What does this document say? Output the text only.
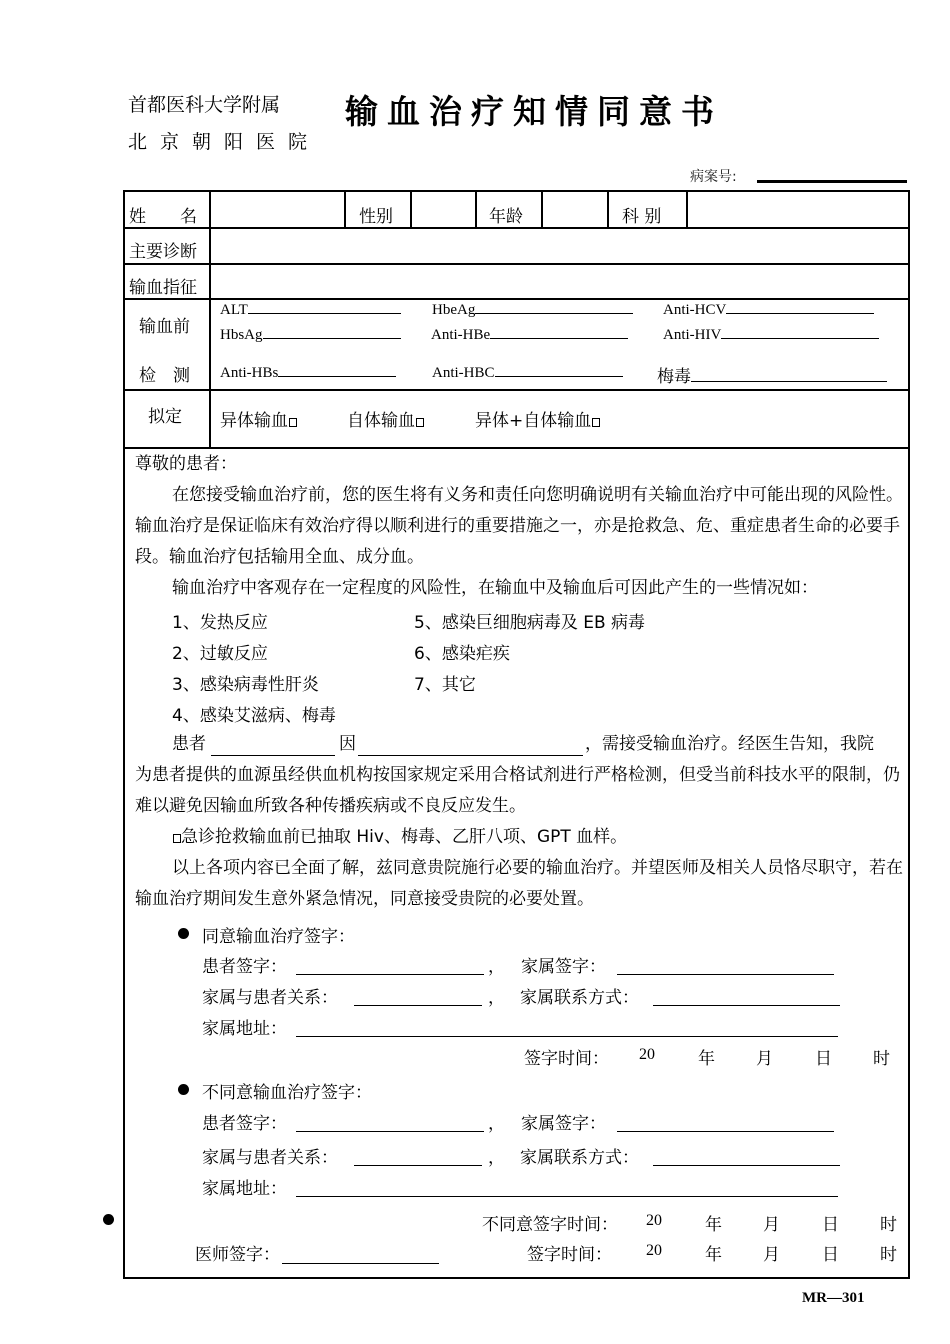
首都医科大学附属
北京朝阳医院
输血治疗知情同意书
病案号:
姓　　名	性别	年龄	科 别
主要诊断
输血指征
输血前
检　测
ALT	HbeAg	Anti-HCV
HbsAg	Anti-HBe	Anti-HIV
Anti-HBs	Anti-HBC	梅毒
拟定 异体输血	自体输血	异体+自体输血
尊敬的患者：
在您接受输血治疗前，您的医生将有义务和责任向您明确说明有关输血治疗中可能出现的风险性。输血治疗是保证临床有效治疗得以顺利进行的重要措施之一，亦是抢救急、危、重症患者生命的必要手段。输血治疗包括输用全血、成分血。
输血治疗中客观存在一定程度的风险性，在输血中及输血后可因此产生的一些情况如：
1、发热反应
2、过敏反应
3、感染病毒性肝炎
4、感染艾滋病、梅毒
5、感染巨细胞病毒及 EB 病毒
6、感染疟疾
7、其它
患者	因	，需接受输血治疗。经医生告知，我院
为患者提供的血源虽经供血机构按国家规定采用合格试剂进行严格检测，但受当前科技水平的限制，仍难以避免因输血所致各种传播疾病或不良反应发生。
急诊抢救输血前已抽取 Hiv、梅毒、乙肝八项、GPT 血样。
以上各项内容已全面了解，兹同意贵院施行必要的输血治疗。并望医师及相关人员恪尽职守，若在输血治疗期间发生意外紧急情况，同意接受贵院的必要处置。
同意输血治疗签字：
患者签字：	， 家属签字：
家属与患者关系：	， 家属联系方式：
家属地址：
签字时间： 20	年 月 日 时
不同意输血治疗签字：
患者签字：	， 家属签字：
家属与患者关系：	， 家属联系方式：
家属地址：
不同意签字时间： 20	年 月 日 时
医师签字：	签字时间： 20	年 月 日 时
MR—301
